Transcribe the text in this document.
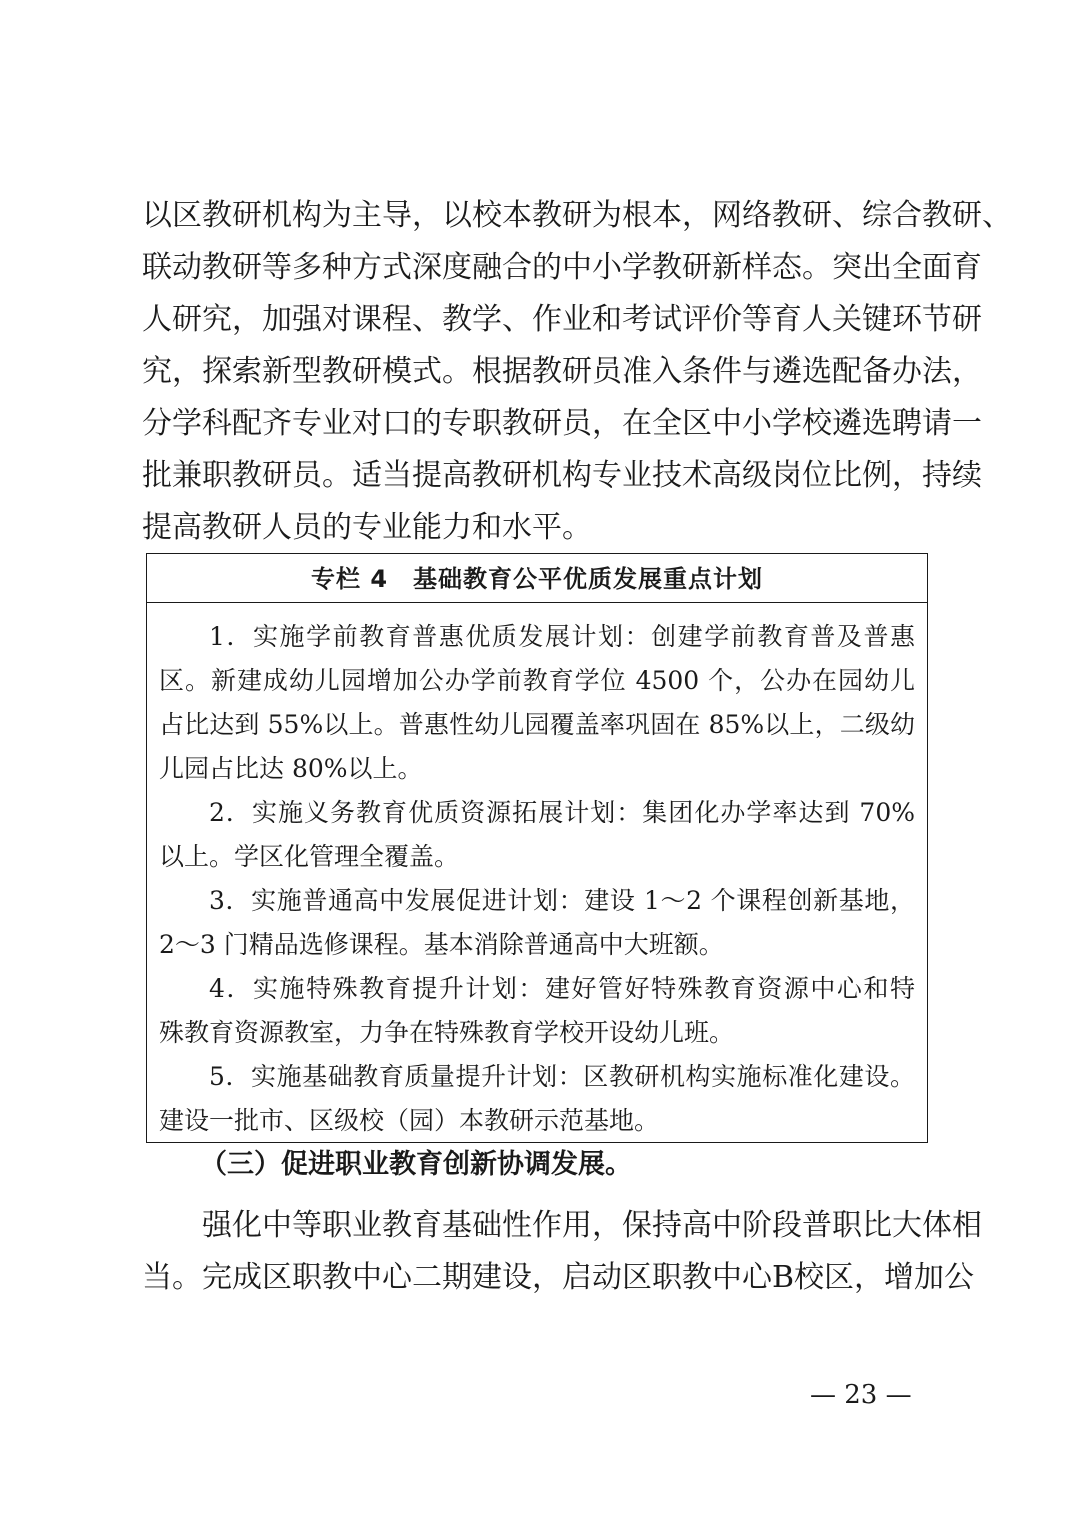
以区教研机构为主导，以校本教研为根本，网络教研、综合教研、
联动教研等多种方式深度融合的中小学教研新样态。突出全面育
人研究，加强对课程、教学、作业和考试评价等育人关键环节研
究，探索新型教研模式。根据教研员准入条件与遴选配备办法，
分学科配齐专业对口的专职教研员，在全区中小学校遴选聘请一
批兼职教研员。适当提高教研机构专业技术高级岗位比例，持续
提高教研人员的专业能力和水平。
专栏 4　基础教育公平优质发展重点计划
1．实施学前教育普惠优质发展计划：创建学前教育普及普惠
区。新建成幼儿园增加公办学前教育学位 4500 个，公办在园幼儿
占比达到 55%以上。普惠性幼儿园覆盖率巩固在 85%以上，二级幼
儿园占比达 80%以上。
2．实施义务教育优质资源拓展计划：集团化办学率达到 70%
以上。学区化管理全覆盖。
3．实施普通高中发展促进计划：建设 1～2 个课程创新基地，
2～3 门精品选修课程。基本消除普通高中大班额。
4．实施特殊教育提升计划：建好管好特殊教育资源中心和特
殊教育资源教室，力争在特殊教育学校开设幼儿班。
5．实施基础教育质量提升计划：区教研机构实施标准化建设。
建设一批市、区级校（园）本教研示范基地。
（三）促进职业教育创新协调发展。
强化中等职业教育基础性作用，保持高中阶段普职比大体相
当。完成区职教中心二期建设，启动区职教中心B校区，增加公
— 23 —
